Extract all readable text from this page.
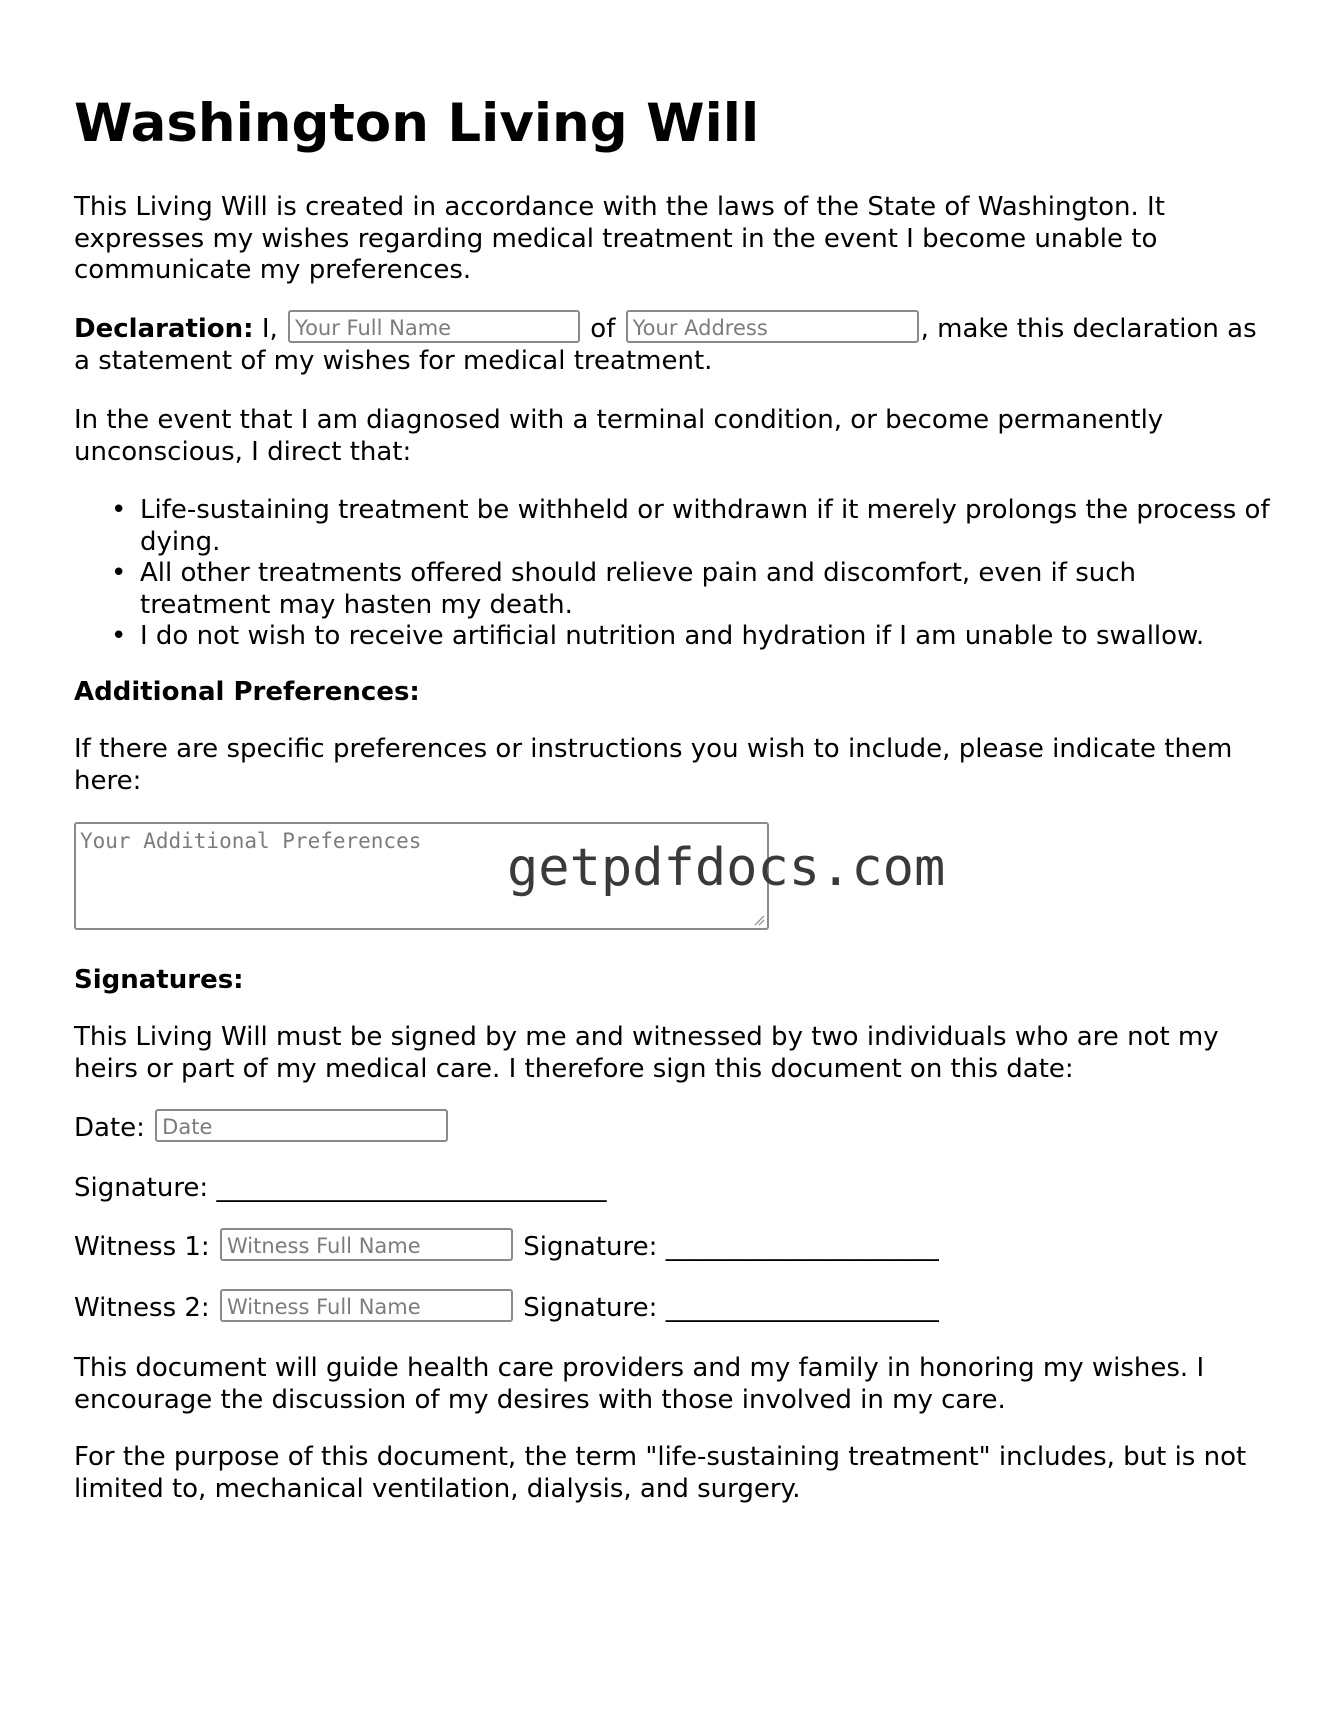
Washington Living Will

This Living Will is created in accordance with the laws of the State of Washington. It expresses my wishes regarding medical treatment in the event I become unable to communicate my preferences.

Declaration: I, Your Full Name	of Your Address	, make this declaration as a statement of my wishes for medical treatment.

In the event that I am diagnosed with a terminal condition, or become permanently unconscious, I direct that:

• Life-sustaining treatment be withheld or withdrawn if it merely prolongs the process of dying.
• All other treatments offered should relieve pain and discomfort, even if such treatment may hasten my death.
• I do not wish to receive artificial nutrition and hydration if I am unable to swallow.

Additional Preferences:

If there are specific preferences or instructions you wish to include, please indicate them here:

Your Additional Preferences	getpdfdocs.com

Signatures:

This Living Will must be signed by me and witnessed by two individuals who are not my heirs or part of my medical care. I therefore sign this document on this date:

Date: Date

Signature: ______________________________

Witness 1: Witness Full Name	Signature: _____________________

Witness 2: Witness Full Name	Signature: _____________________

This document will guide health care providers and my family in honoring my wishes. I encourage the discussion of my desires with those involved in my care.

For the purpose of this document, the term "life-sustaining treatment" includes, but is not limited to, mechanical ventilation, dialysis, and surgery.
